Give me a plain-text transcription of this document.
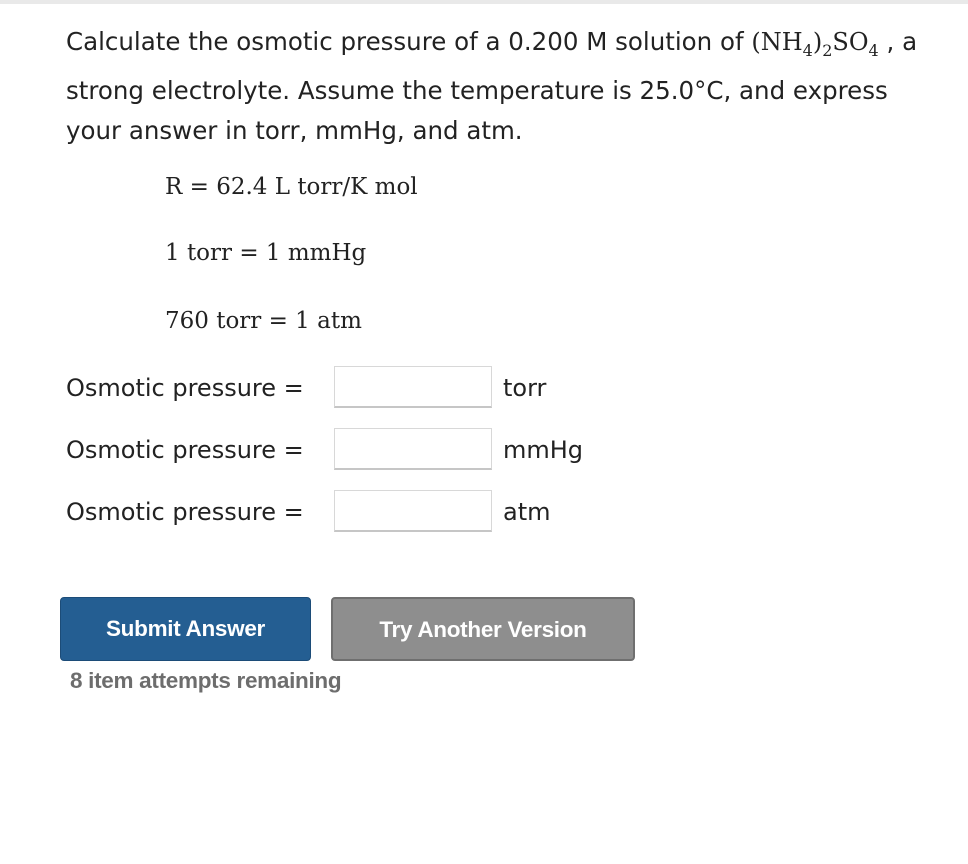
Calculate the osmotic pressure of a 0.200 M solution of $(NH_4)_2SO_4$ , a strong electrolyte. Assume the temperature is 25.0°C, and express your answer in torr, mmHg, and atm.
R = 62.4 L torr/K mol
1 torr = 1 mmHg
760 torr = 1 atm
Osmotic pressure =	torr
Osmotic pressure =	mmHg
Osmotic pressure =	atm
Submit Answer	Try Another Version
8 item attempts remaining
